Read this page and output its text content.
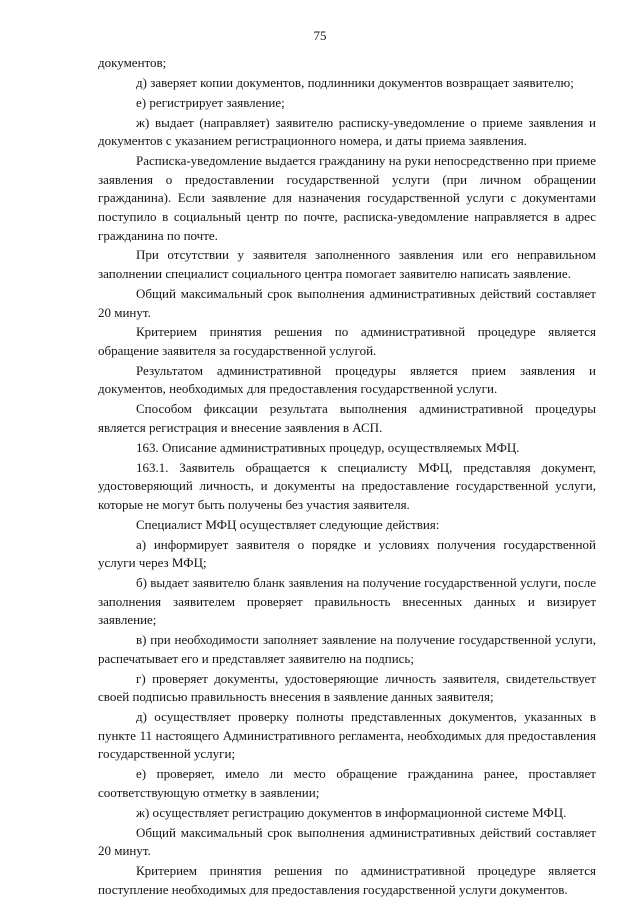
75

документов;

д) заверяет копии документов, подлинники документов возвращает заявителю;

е) регистрирует заявление;

ж) выдает (направляет) заявителю расписку-уведомление о приеме заявления и документов с указанием регистрационного номера, и даты приема заявления.

Расписка-уведомление выдается гражданину на руки непосредственно при приеме заявления о предоставлении государственной услуги (при личном обращении гражданина). Если заявление для назначения государственной услуги с документами поступило в социальный центр по почте, расписка-уведомление направляется в адрес гражданина по почте.

При отсутствии у заявителя заполненного заявления или его неправильном заполнении специалист социального центра помогает заявителю написать заявление.

Общий максимальный срок выполнения административных действий составляет 20 минут.

Критерием принятия решения по административной процедуре является обращение заявителя за государственной услугой.

Результатом административной процедуры является прием заявления и документов, необходимых для предоставления государственной услуги.

Способом фиксации результата выполнения административной процедуры является регистрация и внесение заявления в АСП.

163. Описание административных процедур, осуществляемых МФЦ.

163.1. Заявитель обращается к специалисту МФЦ, представляя документ, удостоверяющий личность, и документы на предоставление государственной услуги, которые не могут быть получены без участия заявителя.

Специалист МФЦ осуществляет следующие действия:

а) информирует заявителя о порядке и условиях получения государственной услуги через МФЦ;

б) выдает заявителю бланк заявления на получение государственной услуги, после заполнения заявителем проверяет правильность внесенных данных и визирует заявление;

в) при необходимости заполняет заявление на получение государственной услуги, распечатывает его и представляет заявителю на подпись;

г) проверяет документы, удостоверяющие личность заявителя, свидетельствует своей подписью правильность внесения в заявление данных заявителя;

д) осуществляет проверку полноты представленных документов, указанных в пункте 11 настоящего Административного регламента, необходимых для предоставления государственной услуги;

е) проверяет, имело ли место обращение гражданина ранее, проставляет соответствующую отметку в заявлении;

ж) осуществляет регистрацию документов в информационной системе МФЦ.

Общий максимальный срок выполнения административных действий составляет 20 минут.

Критерием принятия решения по административной процедуре является поступление необходимых для предоставления государственной услуги документов.
